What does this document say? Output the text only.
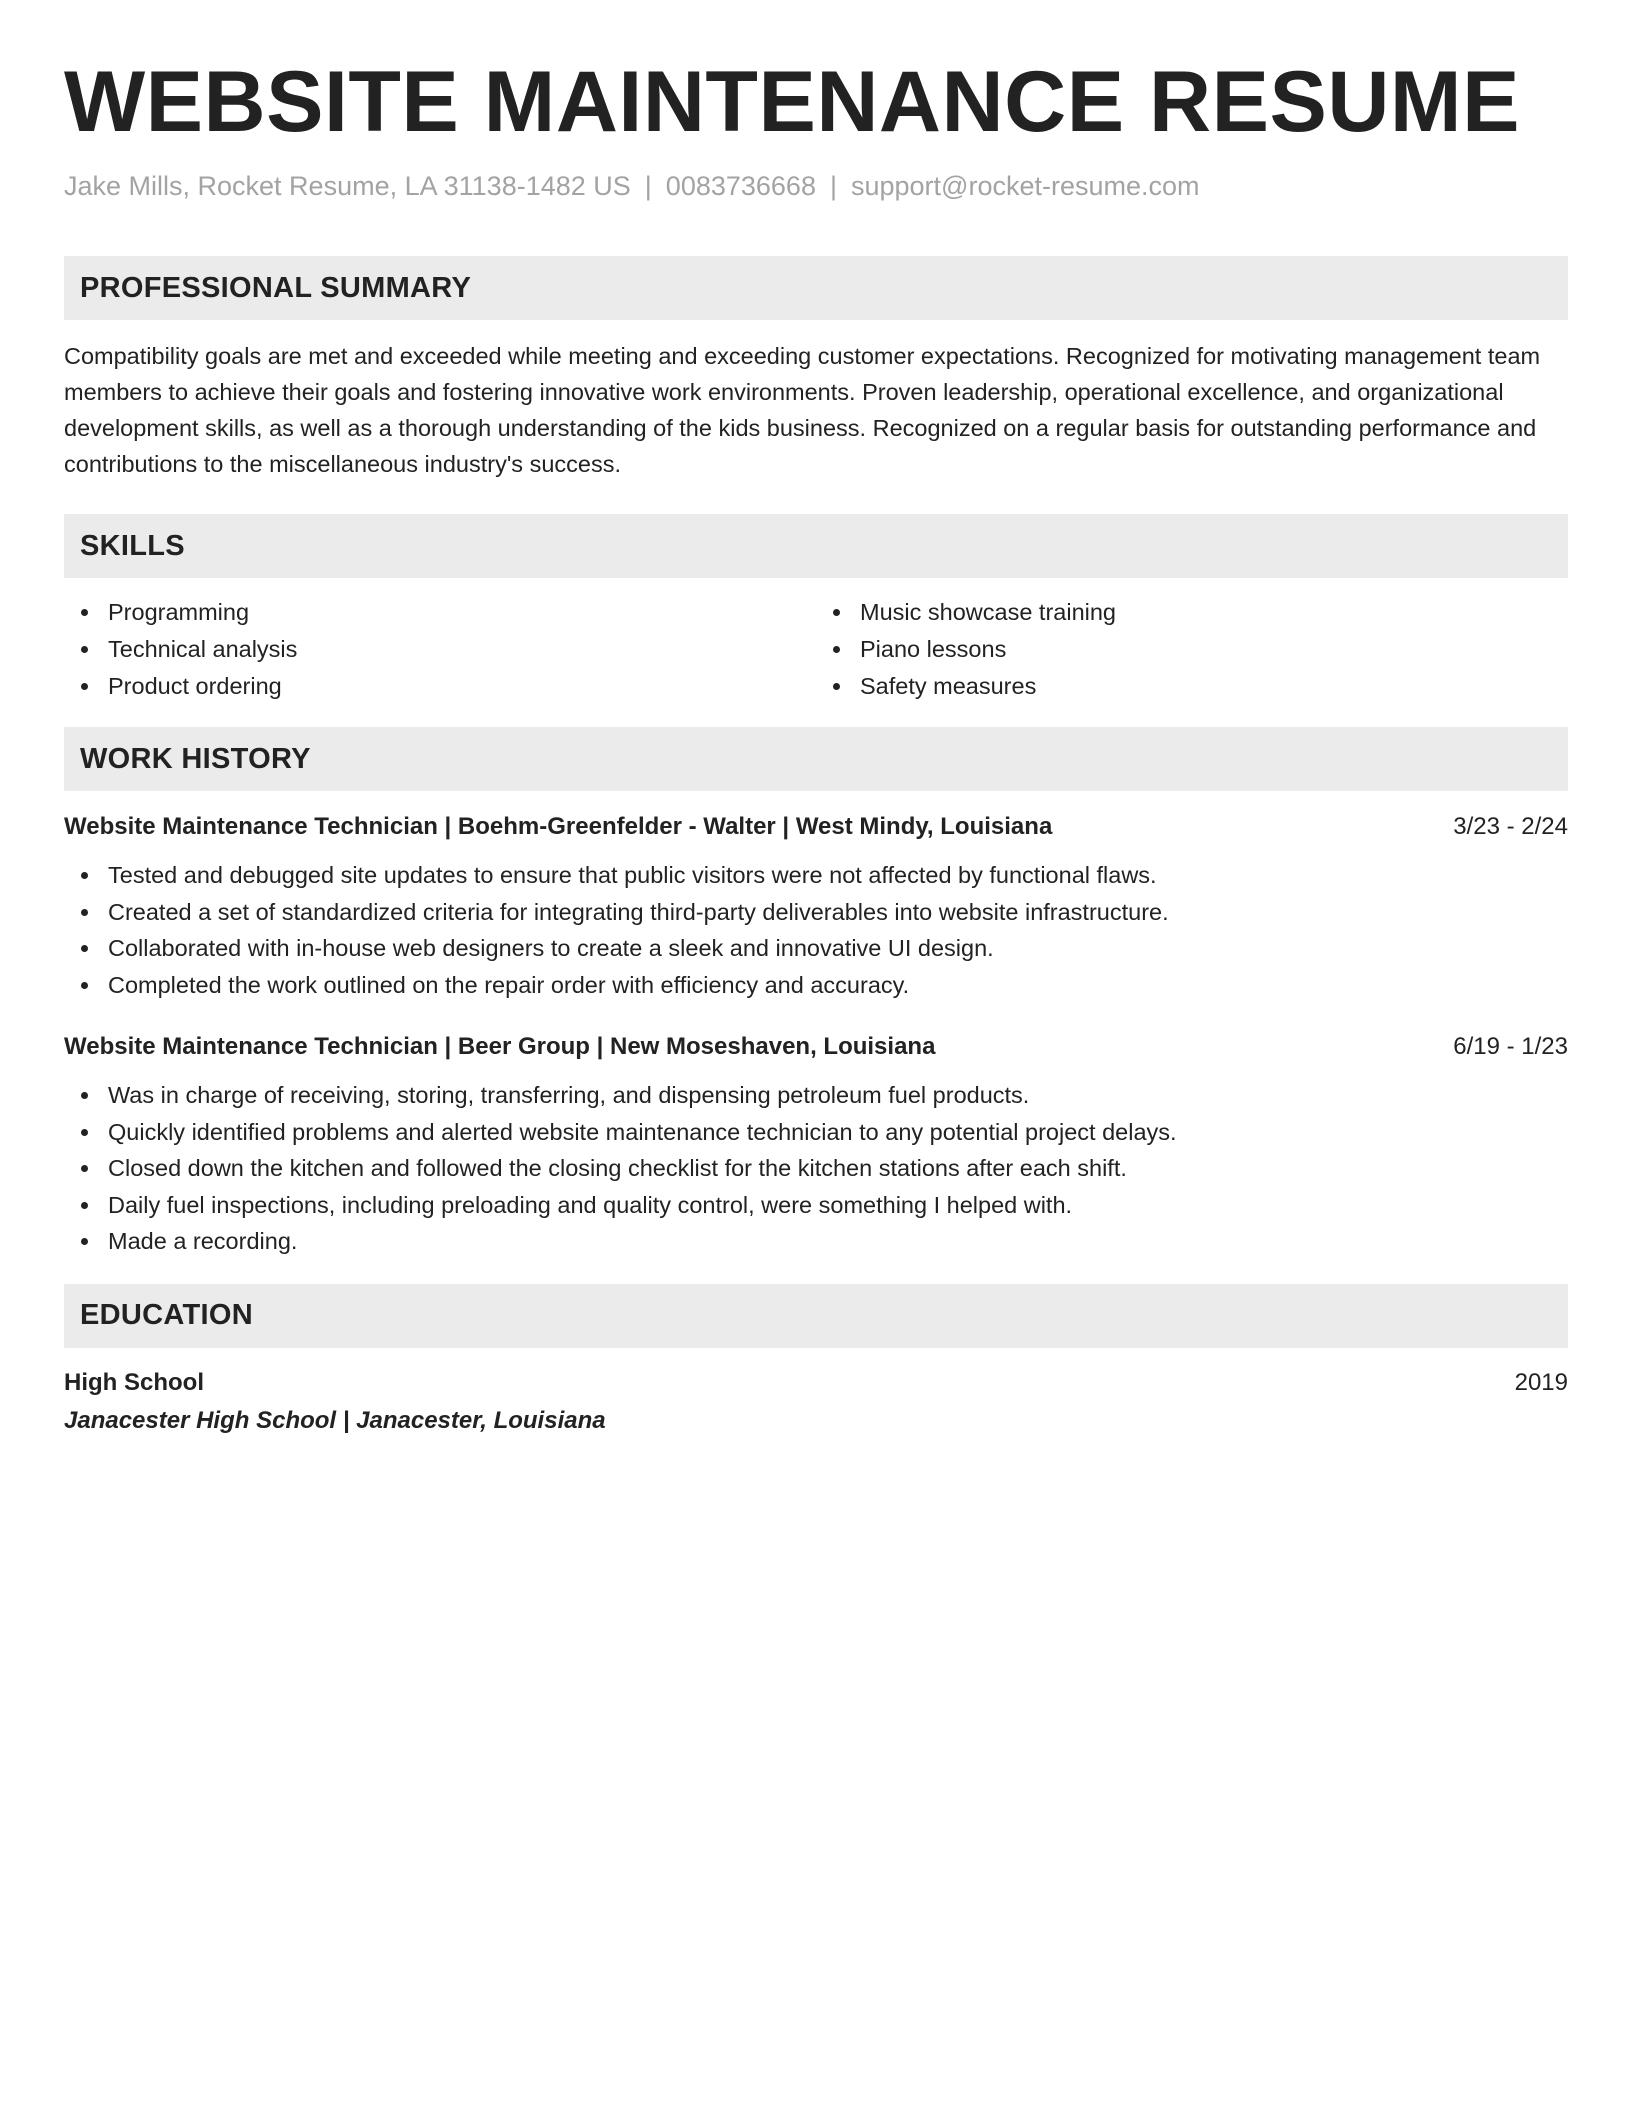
WEBSITE MAINTENANCE RESUME
Jake Mills, Rocket Resume, LA 31138-1482 US | 0083736668 | support@rocket-resume.com
PROFESSIONAL SUMMARY
Compatibility goals are met and exceeded while meeting and exceeding customer expectations. Recognized for motivating management team members to achieve their goals and fostering innovative work environments. Proven leadership, operational excellence, and organizational development skills, as well as a thorough understanding of the kids business. Recognized on a regular basis for outstanding performance and contributions to the miscellaneous industry's success.
SKILLS
Programming
Technical analysis
Product ordering
Music showcase training
Piano lessons
Safety measures
WORK HISTORY
Website Maintenance Technician | Boehm-Greenfelder - Walter | West Mindy, Louisiana	3/23 - 2/24
Tested and debugged site updates to ensure that public visitors were not affected by functional flaws.
Created a set of standardized criteria for integrating third-party deliverables into website infrastructure.
Collaborated with in-house web designers to create a sleek and innovative UI design.
Completed the work outlined on the repair order with efficiency and accuracy.
Website Maintenance Technician | Beer Group | New Moseshaven, Louisiana	6/19 - 1/23
Was in charge of receiving, storing, transferring, and dispensing petroleum fuel products.
Quickly identified problems and alerted website maintenance technician to any potential project delays.
Closed down the kitchen and followed the closing checklist for the kitchen stations after each shift.
Daily fuel inspections, including preloading and quality control, were something I helped with.
Made a recording.
EDUCATION
High School	2019
Janacester High School | Janacester, Louisiana
